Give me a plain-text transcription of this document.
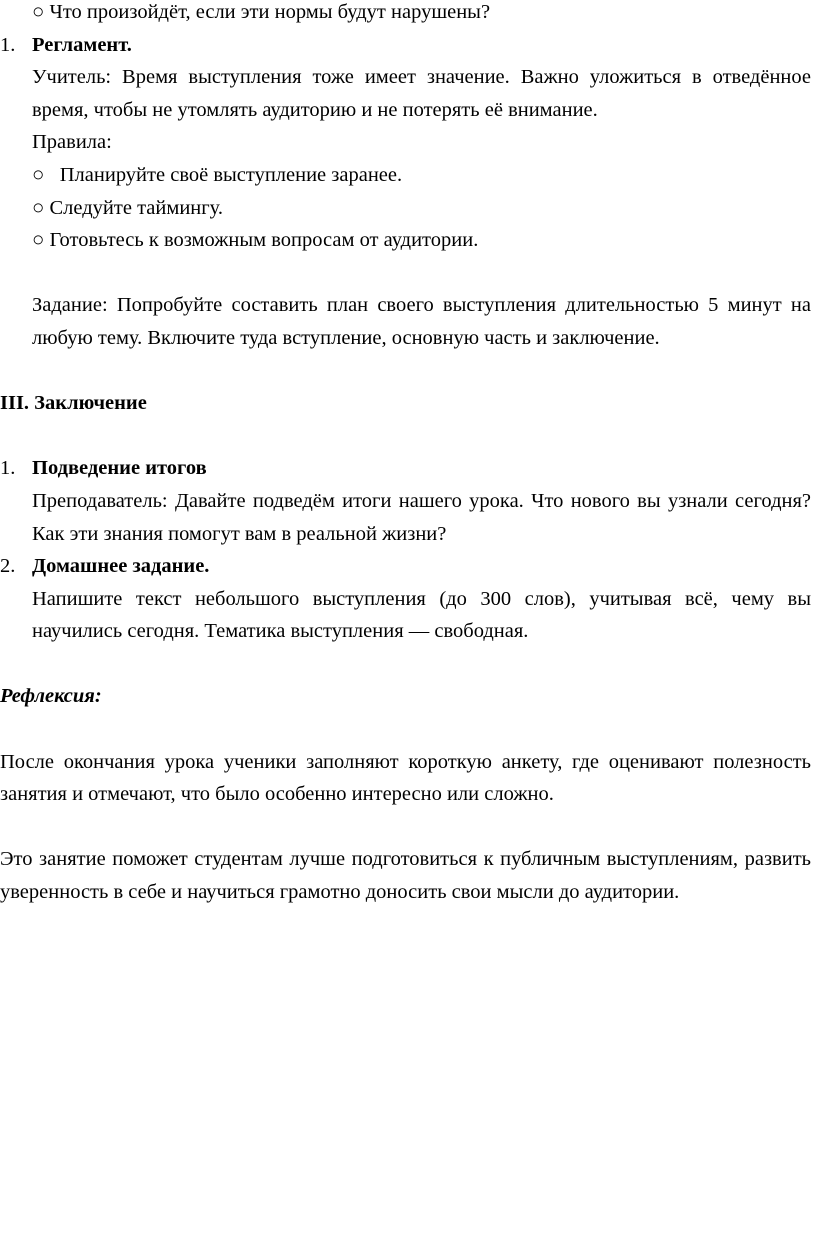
○ Что произойдёт, если эти нормы будут нарушены?

1. Регламент.

Учитель: Время выступления тоже имеет значение. Важно уложиться в отведённое время, чтобы не утомлять аудиторию и не потерять её внимание.

Правила:

○   Планируйте своё выступление заранее.

○ Следуйте таймингу.

○ Готовьтесь к возможным вопросам от аудитории.

Задание: Попробуйте составить план своего выступления длительностью 5 минут на любую тему. Включите туда вступление, основную часть и заключение.

III. Заключение

1. Подведение итогов

Преподаватель: Давайте подведём итоги нашего урока. Что нового вы узнали сегодня? Как эти знания помогут вам в реальной жизни?

2. Домашнее задание.

Напишите текст небольшого выступления (до 300 слов), учитывая всё, чему вы научились сегодня. Тематика выступления — свободная.

Рефлексия:

После окончания урока ученики заполняют короткую анкету, где оценивают полезность занятия и отмечают, что было особенно интересно или сложно.

Это занятие поможет студентам лучше подготовиться к публичным выступлениям, развить уверенность в себе и научиться грамотно доносить свои мысли до аудитории.
